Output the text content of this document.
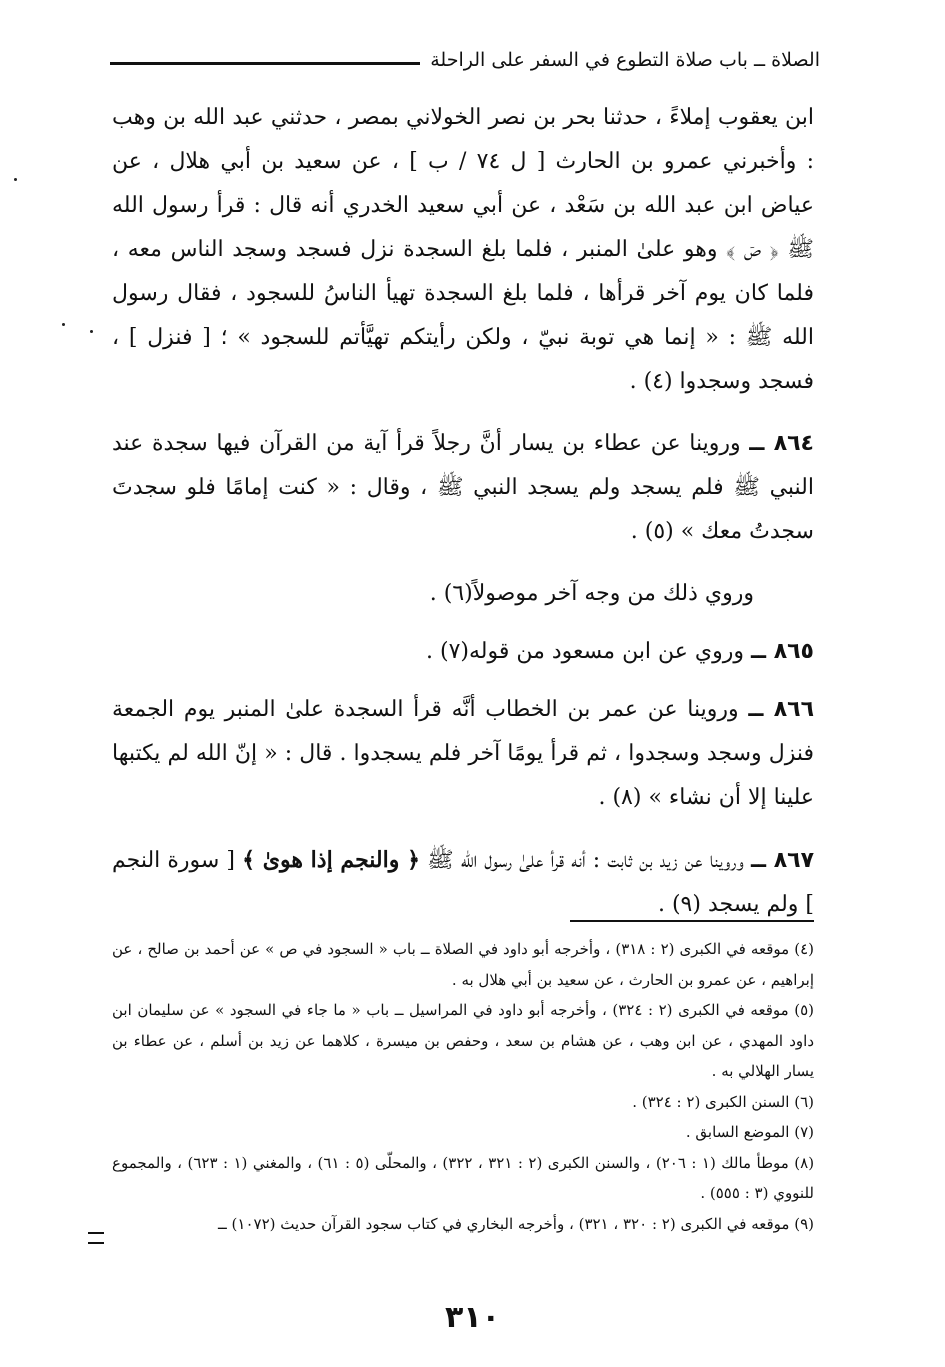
الصلاة ــ باب صلاة التطوع في السفر على الراحلة

ابن يعقوب إملاءً ، حدثنا بحر بن نصر الخولاني بمصر ، حدثني عبد الله بن وهب : وأخبرني عمرو بن الحارث [ ل ٧٤ / ب ] ، عن سعيد بن أبي هلال ، عن عياض ابن عبد الله بن سَعْد ، عن أبي سعيد الخدري أنه قال : قرأ رسول الله ﷺ ﴿ صۤ ﴾ وهو علىٰ المنبر ، فلما بلغ السجدة نزل فسجد وسجد الناس معه ، فلما كان يوم آخر قرأها ، فلما بلغ السجدة تهيأ الناسُ للسجود ، فقال رسول الله ﷺ : « إنما هي توبة نبيّ ، ولكن رأيتكم تهيَّأتم للسجود » ؛ [ فنزل ] ، فسجد وسجدوا (٤) .

٨٦٤ ــ وروينا عن عطاء بن يسار أنَّ رجلاً قرأ آية من القرآن فيها سجدة عند النبي ﷺ فلم يسجد ولم يسجد النبي ﷺ ، وقال : « كنت إمامًا فلو سجدتَ سجدتُ معك » (٥) .

وروي ذلك من وجه آخر موصولاً(٦) .

٨٦٥ ــ وروي عن ابن مسعود من قوله(٧) .

٨٦٦ ــ وروينا عن عمر بن الخطاب أنَّه قرأ السجدة علىٰ المنبر يوم الجمعة فنزل وسجد وسجدوا ، ثم قرأ يومًا آخر فلم يسجدوا . قال : « إنّ الله لم يكتبها علينا إلا أن نشاء » (٨) .

٨٦٧ ــ وروينا عن زيد بن ثابت : أنه قرأ علىٰ رسول الله ﷺ ﴿ والنجم إذا هوىٰ ﴾ [ سورة النجم ] ولم يسجد (٩) .

(٤) موقعه في الكبرى (٢ : ٣١٨) ، وأخرجه أبو داود في الصلاة ــ باب « السجود في ص » عن أحمد بن صالح ، عن إبراهيم ، عن عمرو بن الحارث ، عن سعيد بن أبي هلال به .

(٥) موقعه في الكبرى (٢ : ٣٢٤) ، وأخرجه أبو داود في المراسيل ــ باب « ما جاء في السجود » عن سليمان ابن داود المهدي ، عن ابن وهب ، عن هشام بن سعد ، وحفص بن ميسرة ، كلاهما عن زيد بن أسلم ، عن عطاء بن يسار الهلالي به .

(٦) السنن الكبرى (٢ : ٣٢٤) .

(٧) الموضع السابق .

(٨) موطأ مالك (١ : ٢٠٦) ، والسنن الكبرى (٢ : ٣٢١ ، ٣٢٢) ، والمحلّى (٥ : ٦١) ، والمغني (١ : ٦٢٣) ، والمجموع للنووي (٣ : ٥٥٥) .

(٩) موقعه في الكبرى (٢ : ٣٢٠ ، ٣٢١) ، وأخرجه البخاري في كتاب سجود القرآن حديث (١٠٧٢) ــ

٣١٠
